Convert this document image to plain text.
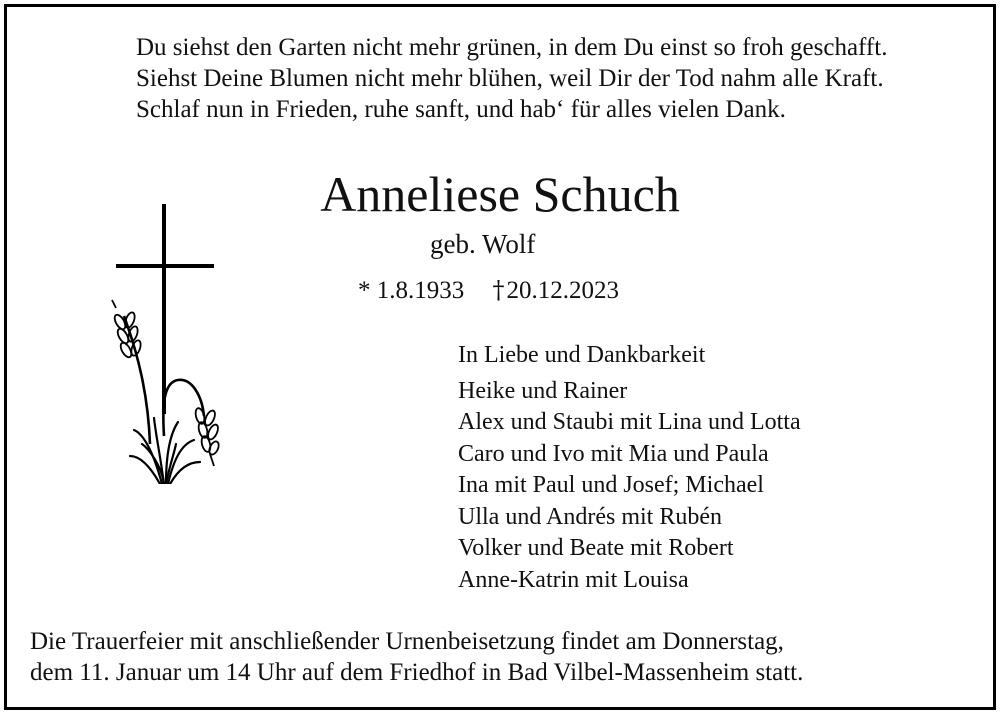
Du siehst den Garten nicht mehr grünen, in dem Du einst so froh geschafft.
Siehst Deine Blumen nicht mehr blühen, weil Dir der Tod nahm alle Kraft.
Schlaf nun in Frieden, ruhe sanft, und hab‘ für alles vielen Dank.
Anneliese Schuch
geb. Wolf
* 1.8.1933 †20.12.2023
In Liebe und Dankbarkeit
Heike und Rainer
Alex und Staubi mit Lina und Lotta
Caro und Ivo mit Mia und Paula
Ina mit Paul und Josef; Michael
Ulla und Andrés mit Rubén
Volker und Beate mit Robert
Anne-Katrin mit Louisa
Die Trauerfeier mit anschließender Urnenbeisetzung findet am Donnerstag,
dem 11. Januar um 14 Uhr auf dem Friedhof in Bad Vilbel-Massenheim statt.
